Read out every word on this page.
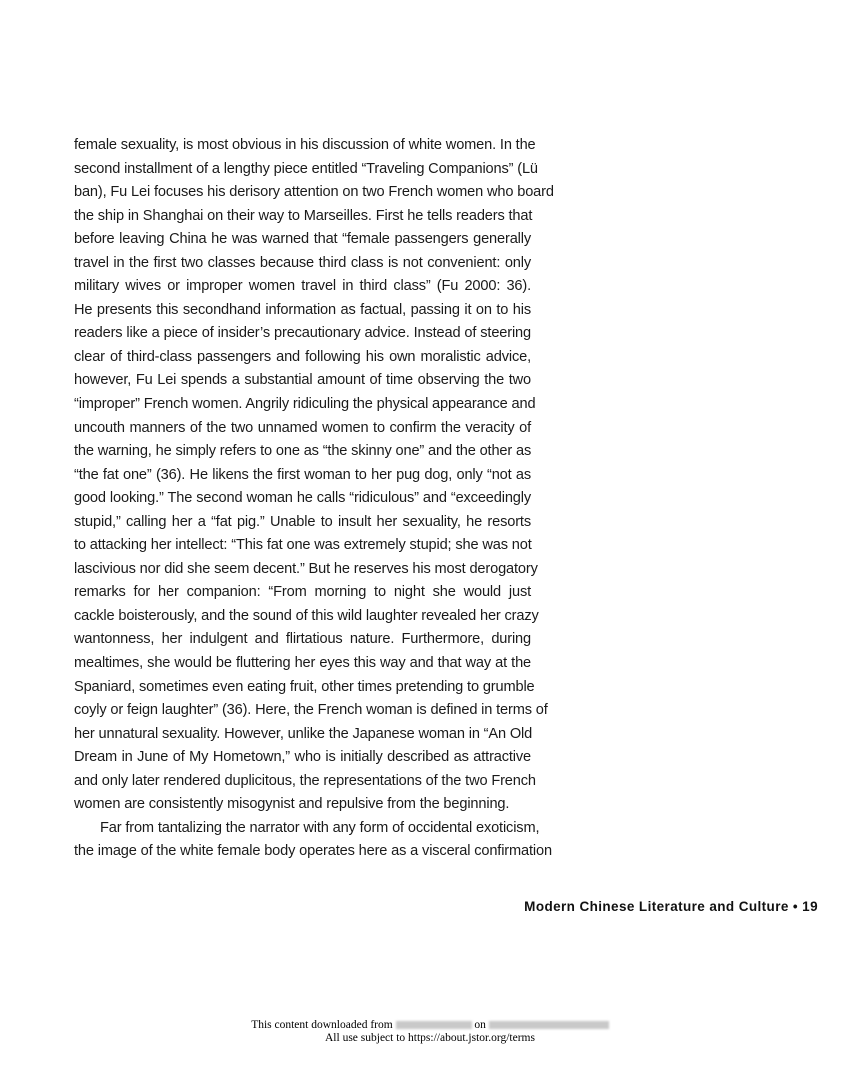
female sexuality, is most obvious in his discussion of white women. In the
second installment of a lengthy piece entitled “Traveling Companions” (Lü
ban), Fu Lei focuses his derisory attention on two French women who board
the ship in Shanghai on their way to Marseilles. First he tells readers that
before leaving China he was warned that “female passengers generally
travel in the first two classes because third class is not convenient: only
military wives or improper women travel in third class” (Fu 2000: 36).
He presents this secondhand information as factual, passing it on to his
readers like a piece of insider’s precautionary advice. Instead of steering
clear of third-class passengers and following his own moralistic advice,
however, Fu Lei spends a substantial amount of time observing the two
“improper” French women. Angrily ridiculing the physical appearance and
uncouth manners of the two unnamed women to confirm the veracity of
the warning, he simply refers to one as “the skinny one” and the other as
“the fat one” (36). He likens the first woman to her pug dog, only “not as
good looking.” The second woman he calls “ridiculous” and “exceedingly
stupid,” calling her a “fat pig.” Unable to insult her sexuality, he resorts
to attacking her intellect: “This fat one was extremely stupid; she was not
lascivious nor did she seem decent.” But he reserves his most derogatory
remarks for her companion: “From morning to night she would just
cackle boisterously, and the sound of this wild laughter revealed her crazy
wantonness, her indulgent and flirtatious nature. Furthermore, during
mealtimes, she would be fluttering her eyes this way and that way at the
Spaniard, sometimes even eating fruit, other times pretending to grumble
coyly or feign laughter” (36). Here, the French woman is defined in terms of
her unnatural sexuality. However, unlike the Japanese woman in “An Old
Dream in June of My Hometown,” who is initially described as attractive
and only later rendered duplicitous, the representations of the two French
women are consistently misogynist and repulsive from the beginning.
Far from tantalizing the narrator with any form of occidental exoticism,
the image of the white female body operates here as a visceral confirmation
Modern Chinese Literature and Culture • 19
This content downloaded from	on
All use subject to https://about.jstor.org/terms
